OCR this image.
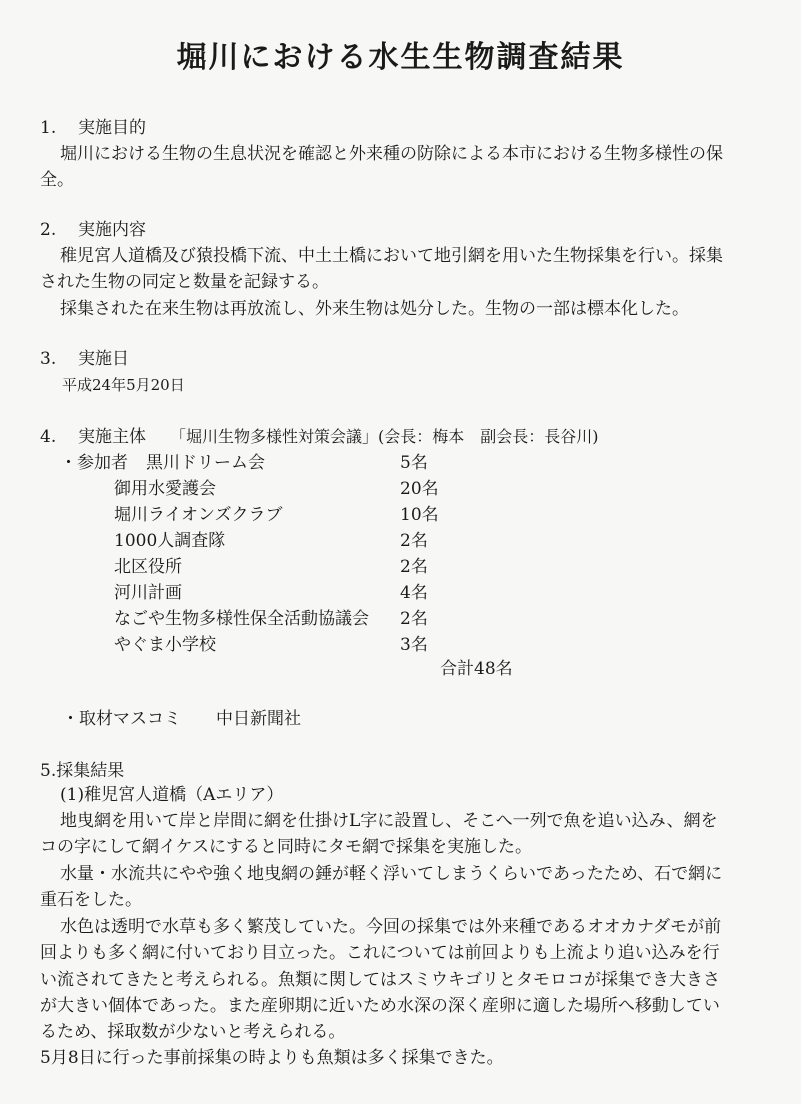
堀川における水生生物調査結果
1. 実施目的
堀川における生物の生息状況を確認と外来種の防除による本市における生物多様性の保
全。
2. 実施内容
稚児宮人道橋及び猿投橋下流、中土土橋において地引網を用いた生物採集を行い。採集
された生物の同定と数量を記録する。
採集された在来生物は再放流し、外来生物は処分した。生物の一部は標本化した。
3. 実施日
平成24年5月20日
4. 実施主体 「堀川生物多様性対策会議」(会長：梅本　副会長：長谷川)
・参加者 黒川ドリーム会	5名
御用水愛護会	20名
堀川ライオンズクラブ	10名
1000人調査隊	2名
北区役所	2名
河川計画	4名
なごや生物多様性保全活動協議会 2名
やぐま小学校	3名
合計48名
・取材マスコミ 中日新聞社
5.採集結果
(1)稚児宮人道橋（Aエリア）
地曳網を用いて岸と岸間に網を仕掛けL字に設置し、そこへ一列で魚を追い込み、網を
コの字にして網イケスにすると同時にタモ網で採集を実施した。
水量・水流共にやや強く地曳網の錘が軽く浮いてしまうくらいであったため、石で網に
重石をした。
水色は透明で水草も多く繁茂していた。今回の採集では外来種であるオオカナダモが前
回よりも多く網に付いており目立った。これについては前回よりも上流より追い込みを行
い流されてきたと考えられる。魚類に関してはスミウキゴリとタモロコが採集でき大きさ
が大きい個体であった。また産卵期に近いため水深の深く産卵に適した場所へ移動してい
るため、採取数が少ないと考えられる。
5月8日に行った事前採集の時よりも魚類は多く採集できた。
